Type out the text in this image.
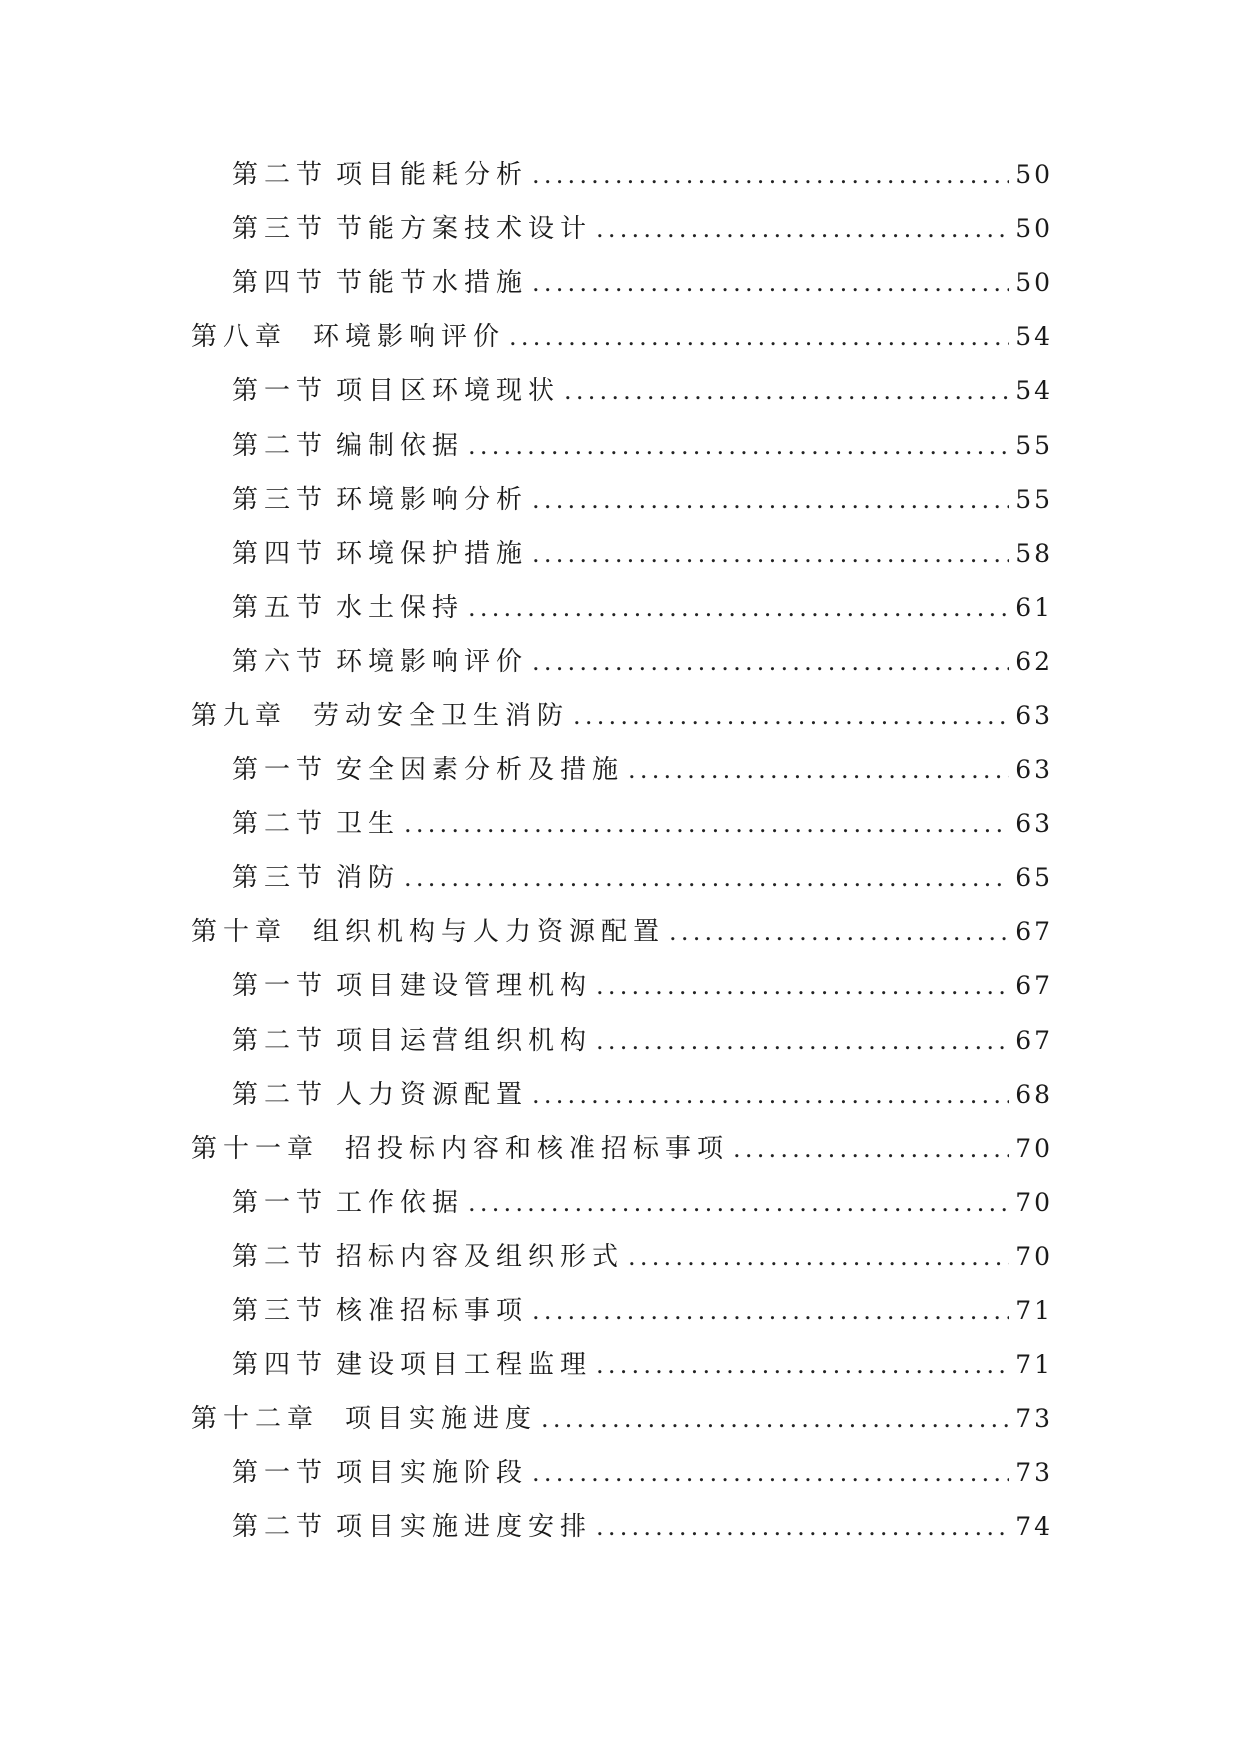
第二节 项目能耗分析 .....	50
第三节 节能方案技术设计 .....	50
第四节 节能节水措施 .....	50
第八章 环境影响评价 .....	54
第一节 项目区环境现状 .....	54
第二节 编制依据 .....	55
第三节 环境影响分析 .....	55
第四节 环境保护措施 .....	58
第五节 水土保持 .....	61
第六节 环境影响评价 .....	62
第九章 劳动安全卫生消防 .....	63
第一节 安全因素分析及措施 .....	63
第二节 卫生 .....	63
第三节 消防 .....	65
第十章 组织机构与人力资源配置 .....	67
第一节 项目建设管理机构 .....	67
第二节 项目运营组织机构 .....	67
第二节 人力资源配置 .....	68
第十一章 招投标内容和核准招标事项 .....	70
第一节 工作依据 .....	70
第二节 招标内容及组织形式 .....	70
第三节 核准招标事项 .....	71
第四节 建设项目工程监理 .....	71
第十二章 项目实施进度 .....	73
第一节 项目实施阶段 .....	73
第二节 项目实施进度安排 .....	74
